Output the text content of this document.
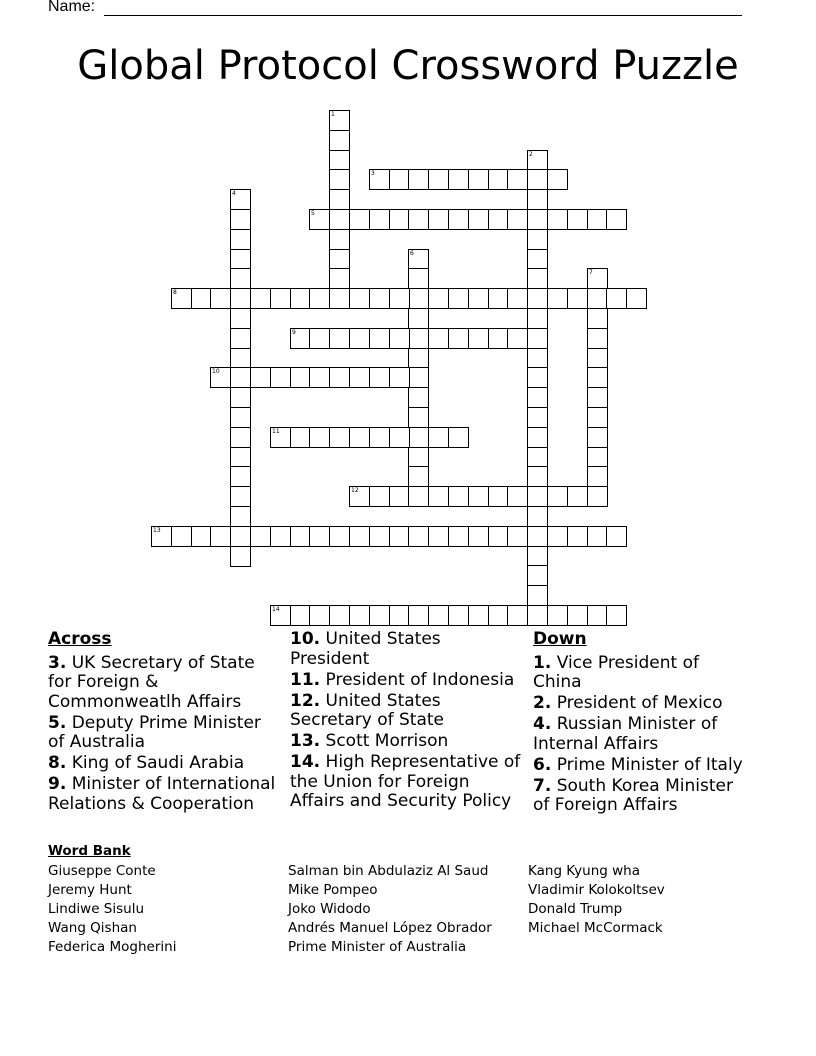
Name:
Global Protocol Crossword Puzzle
1
2
3
4
5
6
7
8
9
10
11
12
13
14
Across
3. UK Secretary of State for Foreign & Commonweatlh Affairs
5. Deputy Prime Minister of Australia
8. King of Saudi Arabia
9. Minister of International Relations & Cooperation
10. United States President
11. President of Indonesia
12. United States Secretary of State
13. Scott Morrison
14. High Representative of the Union for Foreign Affairs and Security Policy
Down
1. Vice President of China
2. President of Mexico
4. Russian Minister of Internal Affairs
6. Prime Minister of Italy
7. South Korea Minister of Foreign Affairs
Word Bank
Giuseppe Conte
Jeremy Hunt
Lindiwe Sisulu
Wang Qishan
Federica Mogherini
Salman bin Abdulaziz Al Saud
Mike Pompeo
Joko Widodo
Andrés Manuel López Obrador
Prime Minister of Australia
Kang Kyung wha
Vladimir Kolokoltsev
Donald Trump
Michael McCormack
